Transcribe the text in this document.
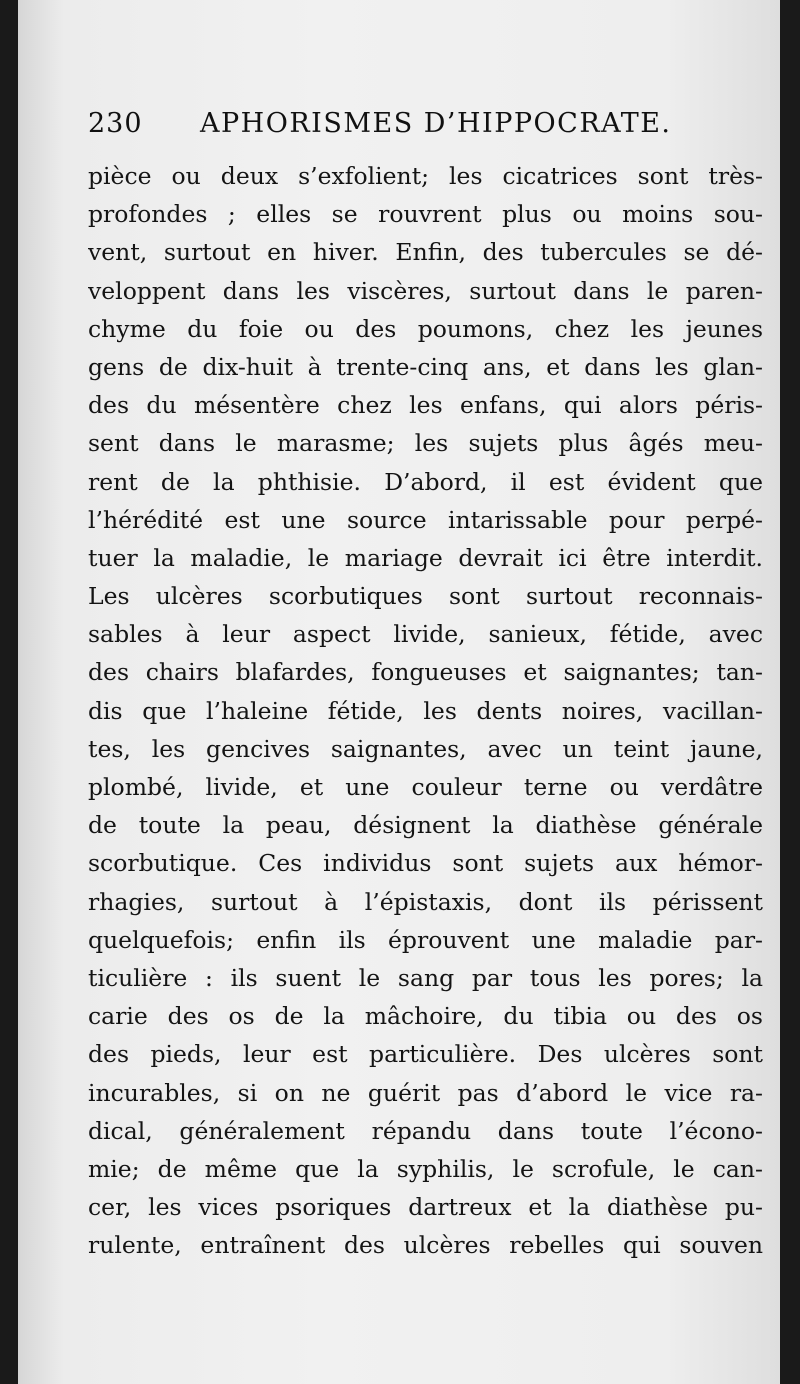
230 APHORISMES D’HIPPOCRATE.
pièce ou deux s’exfolient; les cicatrices sont très-
profondes ; elles se rouvrent plus ou moins sou-
vent, surtout en hiver. Enfin, des tubercules se dé-
veloppent dans les viscères, surtout dans le paren-
chyme du foie ou des poumons, chez les jeunes
gens de dix-huit à trente-cinq ans, et dans les glan-
des du mésentère chez les enfans, qui alors péris-
sent dans le marasme; les sujets plus âgés meu-
rent de la phthisie. D’abord, il est évident que
l’hérédité est une source intarissable pour perpé-
tuer la maladie, le mariage devrait ici être interdit.
Les ulcères scorbutiques sont surtout reconnais-
sables à leur aspect livide, sanieux, fétide, avec
des chairs blafardes, fongueuses et saignantes; tan-
dis que l’haleine fétide, les dents noires, vacillan-
tes, les gencives saignantes, avec un teint jaune,
plombé, livide, et une couleur terne ou verdâtre
de toute la peau, désignent la diathèse générale
scorbutique. Ces individus sont sujets aux hémor-
rhagies, surtout à l’épistaxis, dont ils périssent
quelquefois; enfin ils éprouvent une maladie par-
ticulière : ils suent le sang par tous les pores; la
carie des os de la mâchoire, du tibia ou des os
des pieds, leur est particulière. Des ulcères sont
incurables, si on ne guérit pas d’abord le vice ra-
dical, généralement répandu dans toute l’écono-
mie; de même que la syphilis, le scrofule, le can-
cer, les vices psoriques dartreux et la diathèse pu-
rulente, entraînent des ulcères rebelles qui souven
